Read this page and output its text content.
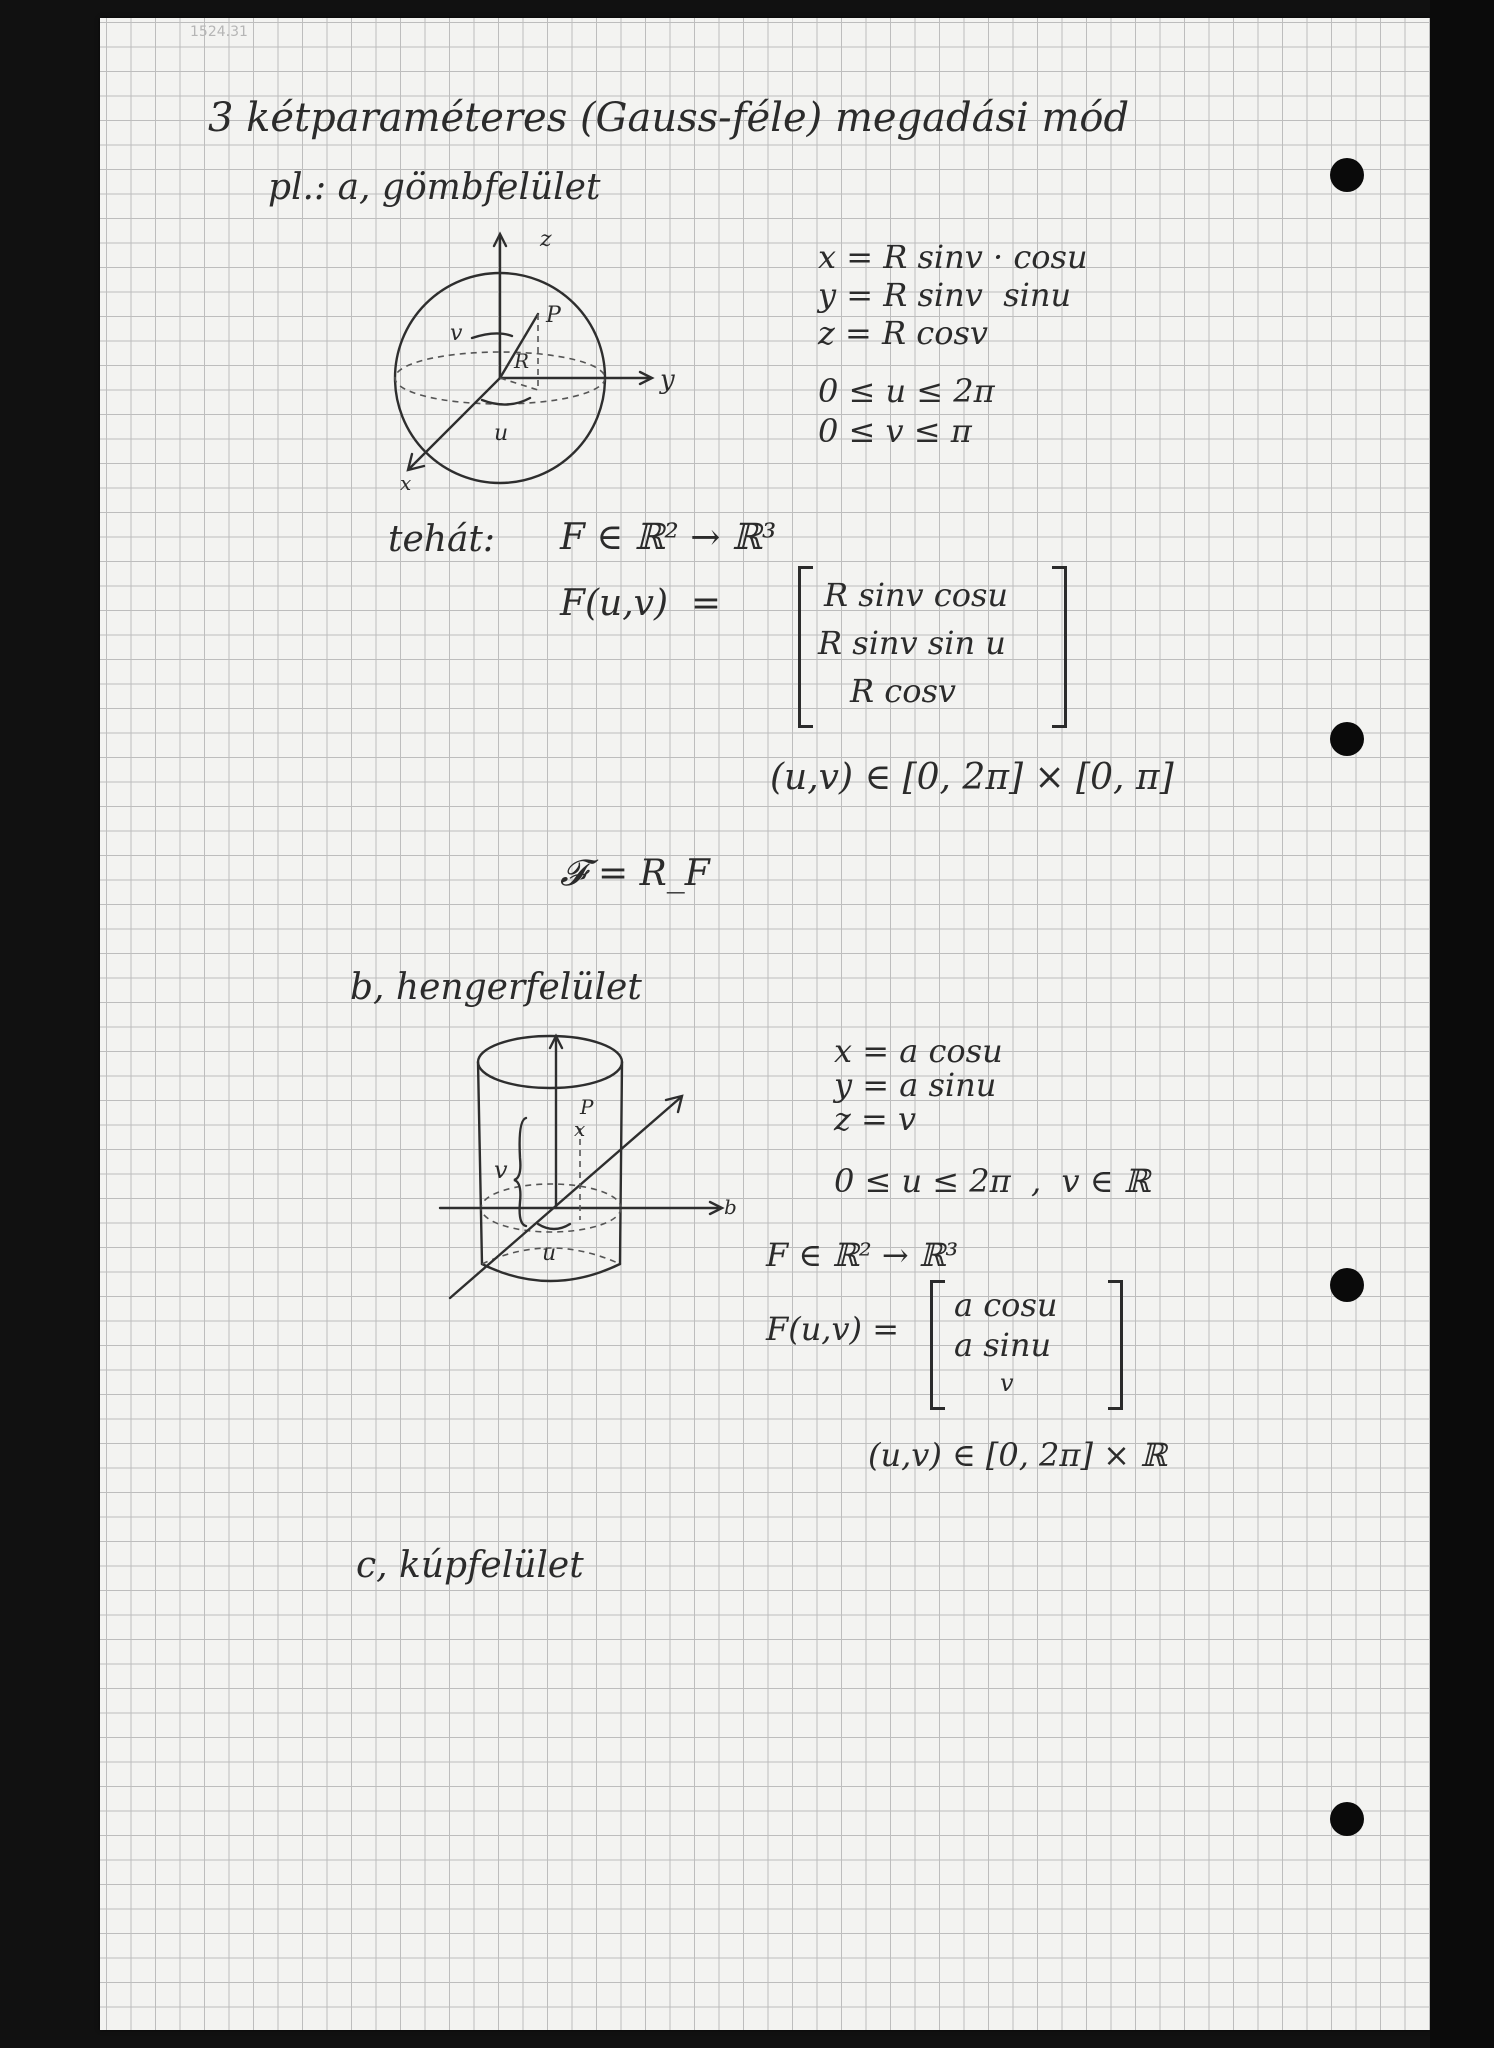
1524.31
3 kétparaméteres (Gauss-féle) megadási mód
pl.: a, gömbfelület
z
y
x
v
P
R
u
x = R sinv · cosu
y = R sinv  sinu
z = R cosv
0 ≤ u ≤ 2π
0 ≤ v ≤ π
tehát: F ∈ ℝ² → ℝ³
F(u,v)  =	R sinv cosu
R sinv sin u
R cosv
(u,v) ∈ [0, 2π] × [0, π]
𝓕 = R_F
b, hengerfelület
P
x
v
u
b
x = a cosu
y = a sinu
z = v
0 ≤ u ≤ 2π  ,  v ∈ ℝ
F ∈ ℝ² → ℝ³
F(u,v) =
a cosu
a sinu
v
(u,v) ∈ [0, 2π] × ℝ
c, kúpfelület
